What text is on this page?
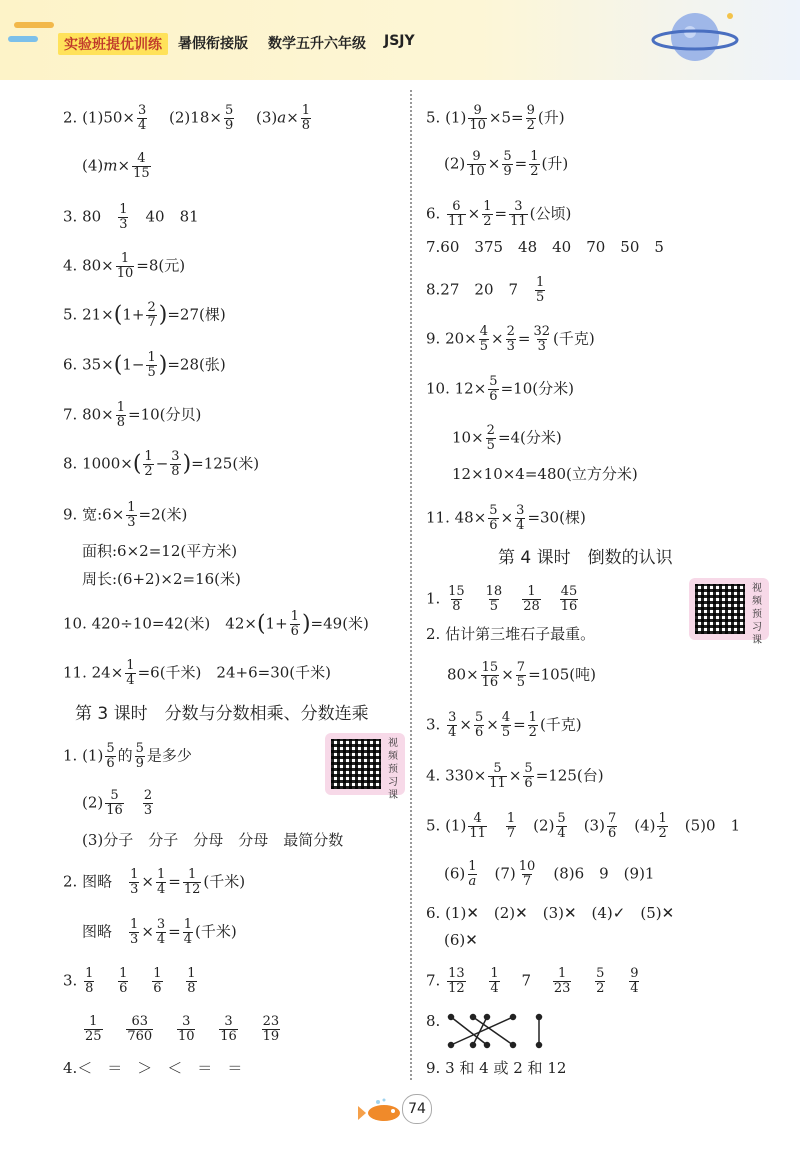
实验班提优训练	暑假衔接版 数学五升六年级 JSJY
2. $(1)50\times \frac{3}{4}$ 　$(2)18\times \frac{5}{9}$ 　$(3)a\times \frac{1}{8}$
$(4)m\times \frac{4}{15}$
3. 80　 $\frac{1}{3}$
　 40　 81
4. $80\times \frac{1}{10} =8$(元)
5. $21\times(1+ \frac{2}{7} )=27$(棵)
6. $35\times(1- \frac{1}{5} )=28$(张)
7. $80\times \frac{1}{8} =10$(分贝)
8. $1000\times( \frac{1}{2} - \frac{3}{8} )=125$(米)
9. 宽:6× $\frac{1}{3} =2$(米)
面积:6×2=12(平方米)
周长:(6+2)×2=16(米)
10. 420÷10=42(米)　$42\times(1+ \frac{1}{6} )=49$(米)
11. $24\times \frac{1}{4} =6$(千米)　 24+6=30(千米)
第 3 课时　分数与分数相乘、分数连乘
视
频
预
习
课
1. $(1) \frac{5}{6}$ 的 $\frac{5}{9}$ 是多少
$(2) \frac{5}{16}$
　 $\frac{2}{3}$
(3)分子　分子　分母　分母　最简分数
2. 图略　 $\frac{1}{3} \times \frac{1}{4} = \frac{1}{12}$ (千米)
图略　 $\frac{1}{3} \times \frac{3}{4} = \frac{1}{4}$ (千米)
3. $\frac{1}{8}$
　 $\frac{1}{6}$
　 $\frac{1}{6}$
　 $\frac{1}{8}$
$\frac{1}{25}$
　 $\frac{63}{760}$
　 $\frac{3}{10}$
　 $\frac{3}{16}$
　 $\frac{23}{19}$
4.＜　＝　＞　＜　＝　＝
5. $(1) \frac{9}{10} \times 5= \frac{9}{2}$ (升)
$(2) \frac{9}{10} \times \frac{5}{9} = \frac{1}{2}$ (升)
6. $\frac{6}{11} \times \frac{1}{2} = \frac{3}{11}$ (公顷)
7.60　375　48　40　70　50　5
8.27　20　7　 $\frac{1}{5}$
9. $20\times \frac{4}{5} \times \frac{2}{3} = \frac{32}{3}$ (千克)
10. $12\times \frac{5}{6} =10$(分米)
$10\times \frac{2}{5} =4$(分米)
12×10×4=480(立方分米)
11. $48\times \frac{5}{6} \times \frac{3}{4} =30$(棵)
第 4 课时　倒数的认识
视
频
预
习
课
1. $\frac{15}{8}$
　 $\frac{18}{5}$
　 $\frac{1}{28}$
　 $\frac{45}{16}$
2. 估计第三堆石子最重。
$80\times \frac{15}{16} \times \frac{7}{5} =105$(吨)
3. $\frac{3}{4} \times \frac{5}{6} \times \frac{4}{5} = \frac{1}{2}$ (千克)
4. $330\times \frac{5}{11} \times \frac{5}{6} =125$(台)
5. $(1) \frac{4}{11}$
　 $\frac{1}{7}$ 　$(2) \frac{5}{4}$ 　$(3) \frac{7}{6}$ 　$(4) \frac{1}{2}$
　 (5)0　1
$(6) \frac{1}{a}$ 　$(7) \frac{10}{7}$
　 (8)6　9　(9)1
6. (1)✕　(2)✕　(3)✕　(4)✓　(5)✕
(6)✕
7. $\frac{13}{12}$
　 $\frac{1}{4}$
　 7　 $\frac{1}{23}$
　 $\frac{5}{2}$
　 $\frac{9}{4}$
8.
9. 3 和 4 或 2 和 12
74
